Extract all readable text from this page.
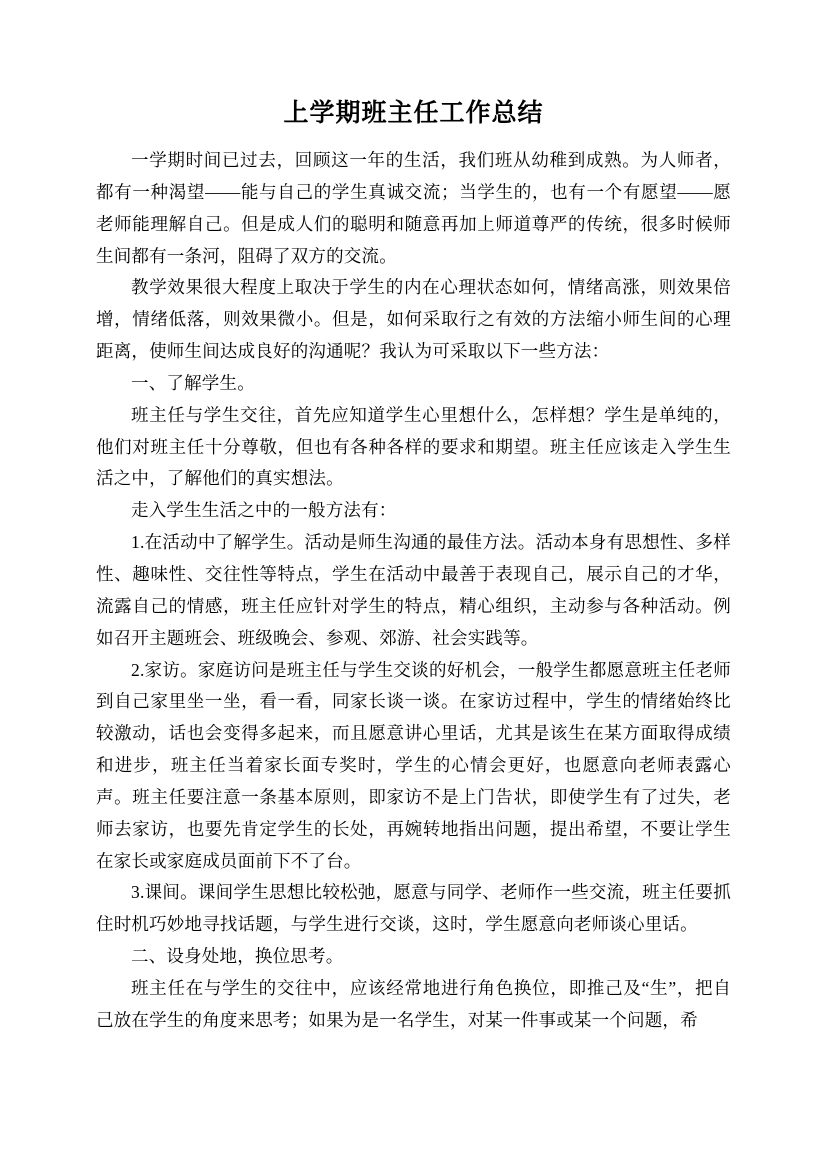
上学期班主任工作总结

一学期时间已过去，回顾这一年的生活，我们班从幼稚到成熟。为人师者，都有一种渴望——能与自己的学生真诚交流；当学生的，也有一个有愿望——愿老师能理解自己。但是成人们的聪明和随意再加上师道尊严的传统，很多时候师生间都有一条河，阻碍了双方的交流。

教学效果很大程度上取决于学生的内在心理状态如何，情绪高涨，则效果倍增，情绪低落，则效果微小。但是，如何采取行之有效的方法缩小师生间的心理距离，使师生间达成良好的沟通呢？我认为可采取以下一些方法：

一、了解学生。

班主任与学生交往，首先应知道学生心里想什么，怎样想？学生是单纯的，他们对班主任十分尊敬，但也有各种各样的要求和期望。班主任应该走入学生生活之中，了解他们的真实想法。

走入学生生活之中的一般方法有：

1.在活动中了解学生。活动是师生沟通的最佳方法。活动本身有思想性、多样性、趣味性、交往性等特点，学生在活动中最善于表现自己，展示自己的才华，流露自己的情感，班主任应针对学生的特点，精心组织，主动参与各种活动。例如召开主题班会、班级晚会、参观、郊游、社会实践等。

2.家访。家庭访问是班主任与学生交谈的好机会，一般学生都愿意班主任老师到自己家里坐一坐，看一看，同家长谈一谈。在家访过程中，学生的情绪始终比较激动，话也会变得多起来，而且愿意讲心里话，尤其是该生在某方面取得成绩和进步，班主任当着家长面专奖时，学生的心情会更好，也愿意向老师表露心声。班主任要注意一条基本原则，即家访不是上门告状，即使学生有了过失，老师去家访，也要先肯定学生的长处，再婉转地指出问题，提出希望，不要让学生在家长或家庭成员面前下不了台。

3.课间。课间学生思想比较松弛，愿意与同学、老师作一些交流，班主任要抓住时机巧妙地寻找话题，与学生进行交谈，这时，学生愿意向老师谈心里话。

二、设身处地，换位思考。

班主任在与学生的交往中，应该经常地进行角色换位，即推己及“生”，把自己放在学生的角度来思考；如果为是一名学生，对某一件事或某一个问题，希
